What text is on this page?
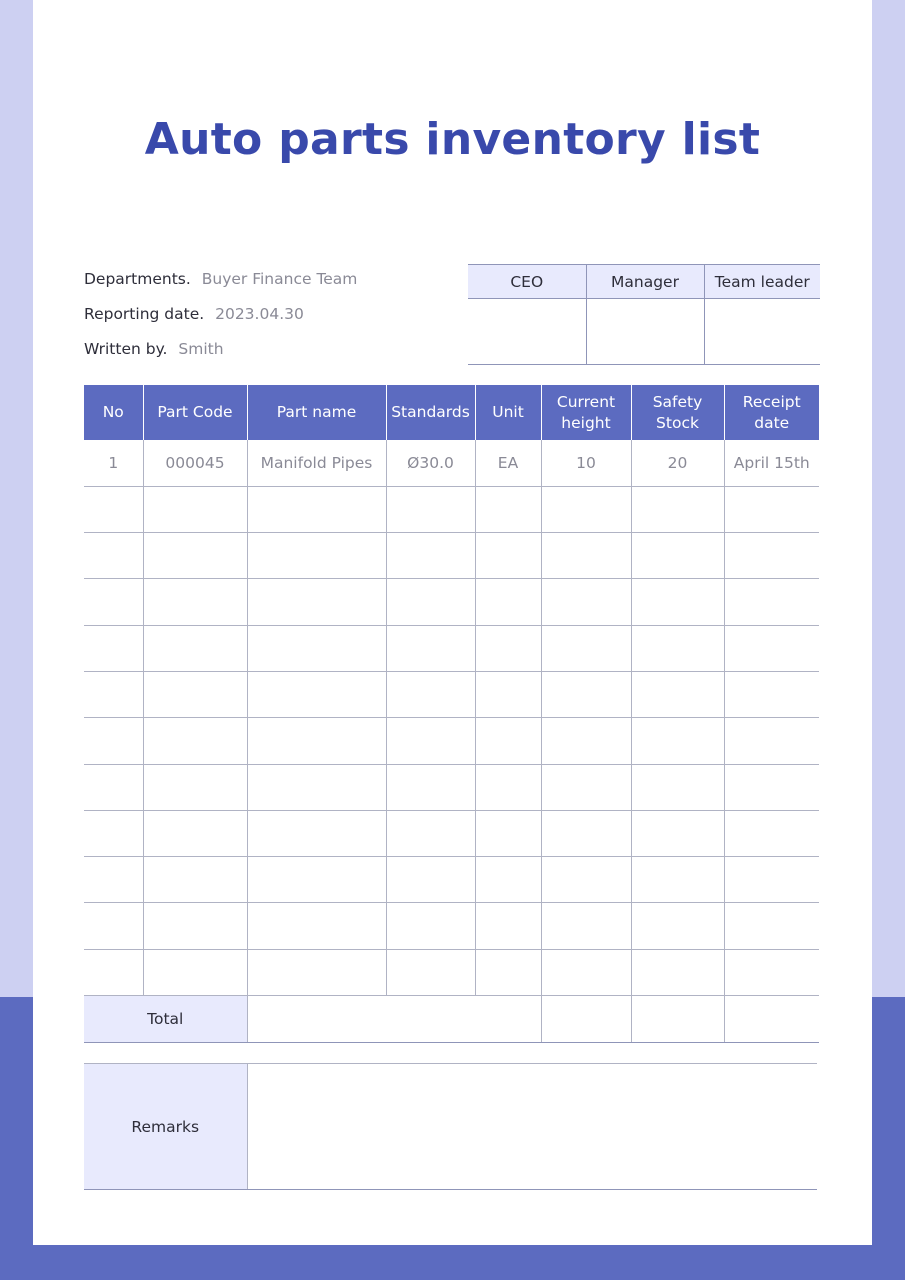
Auto parts inventory list
Departments. Buyer Finance Team
Reporting date. 2023.04.30
Written by. Smith
CEO	Manager	Team leader

No	Part Code	Part name	Standards	Unit	Current height	Safety Stock	Receipt date
1	000045	Manifold Pipes	Ø30.0	EA	10	20	April 15th

Total							
Remarks	
